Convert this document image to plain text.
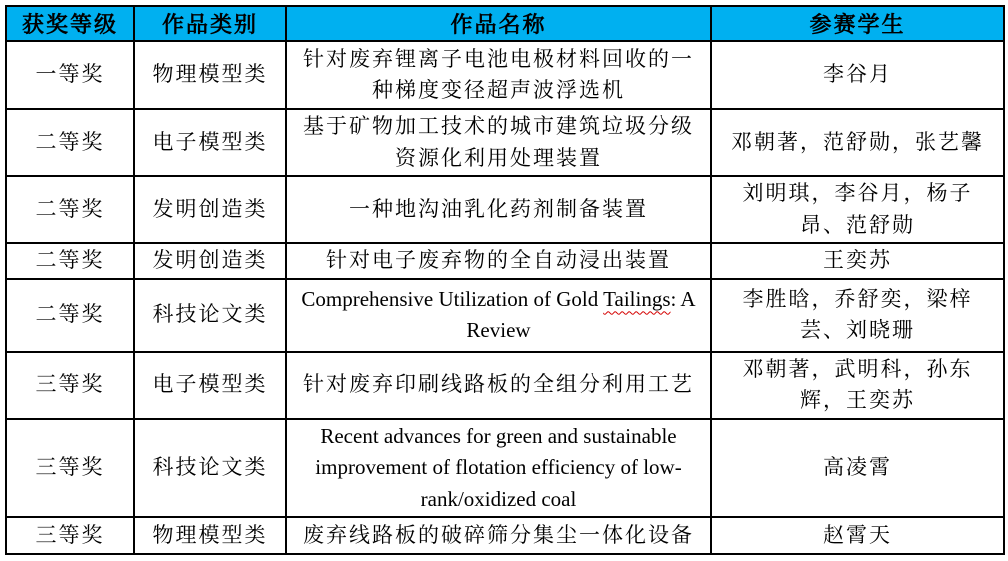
获奖等级	作品类别	作品名称	参赛学生
一等奖	物理模型类	针对废弃锂离子电池电极材料回收的一种梯度变径超声波浮选机	李谷月
二等奖	电子模型类	基于矿物加工技术的城市建筑垃圾分级资源化利用处理装置	邓朝著，范舒勋，张艺馨
二等奖	发明创造类	一种地沟油乳化药剂制备装置	刘明琪，李谷月，杨子昂、范舒勋
二等奖	发明创造类	针对电子废弃物的全自动浸出装置	王奕苏
二等奖	科技论文类	Comprehensive Utilization of Gold Tailings: A Review	李胜晗，乔舒奕，梁梓芸、刘晓珊
三等奖	电子模型类	针对废弃印刷线路板的全组分利用工艺	邓朝著，武明科，孙东辉，王奕苏
三等奖	科技论文类	Recent advances for green and sustainable improvement of flotation efficiency of low-rank/oxidized coal	高凌霄
三等奖	物理模型类	废弃线路板的破碎筛分集尘一体化设备	赵霄天
